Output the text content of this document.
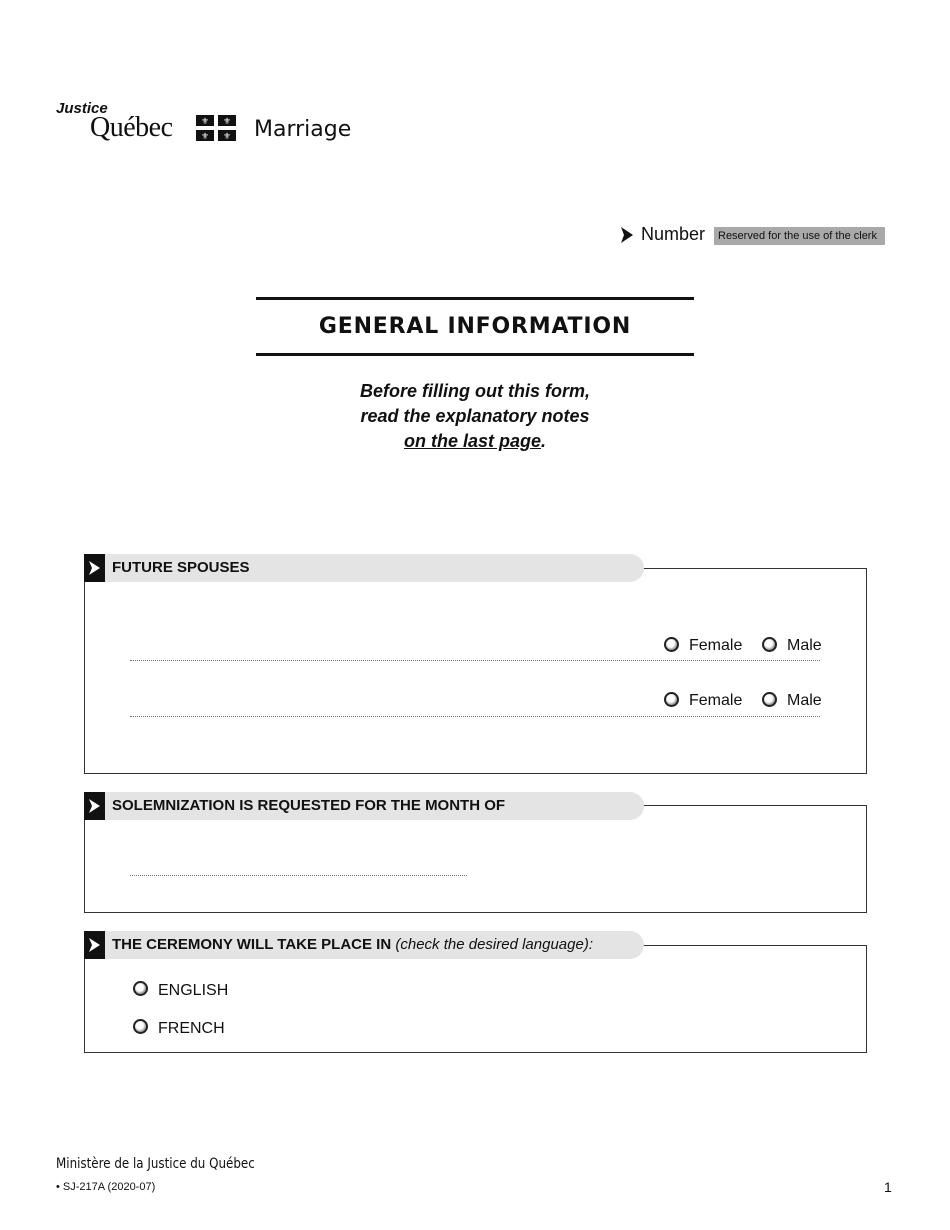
Justice
Québec	⚜ ⚜
⚜ ⚜ Marriage
Number	Reserved for the use of the clerk
GENERAL INFORMATION
Before filling out this form,
read the explanatory notes
on the last page.
FUTURE SPOUSES
Female	Male
Female	Male
SOLEMNIZATION IS REQUESTED FOR THE MONTH OF
THE CEREMONY WILL TAKE PLACE IN (check the desired language):
ENGLISH
FRENCH
Ministère de la Justice du Québec
• SJ-217A (2020-07)	1
